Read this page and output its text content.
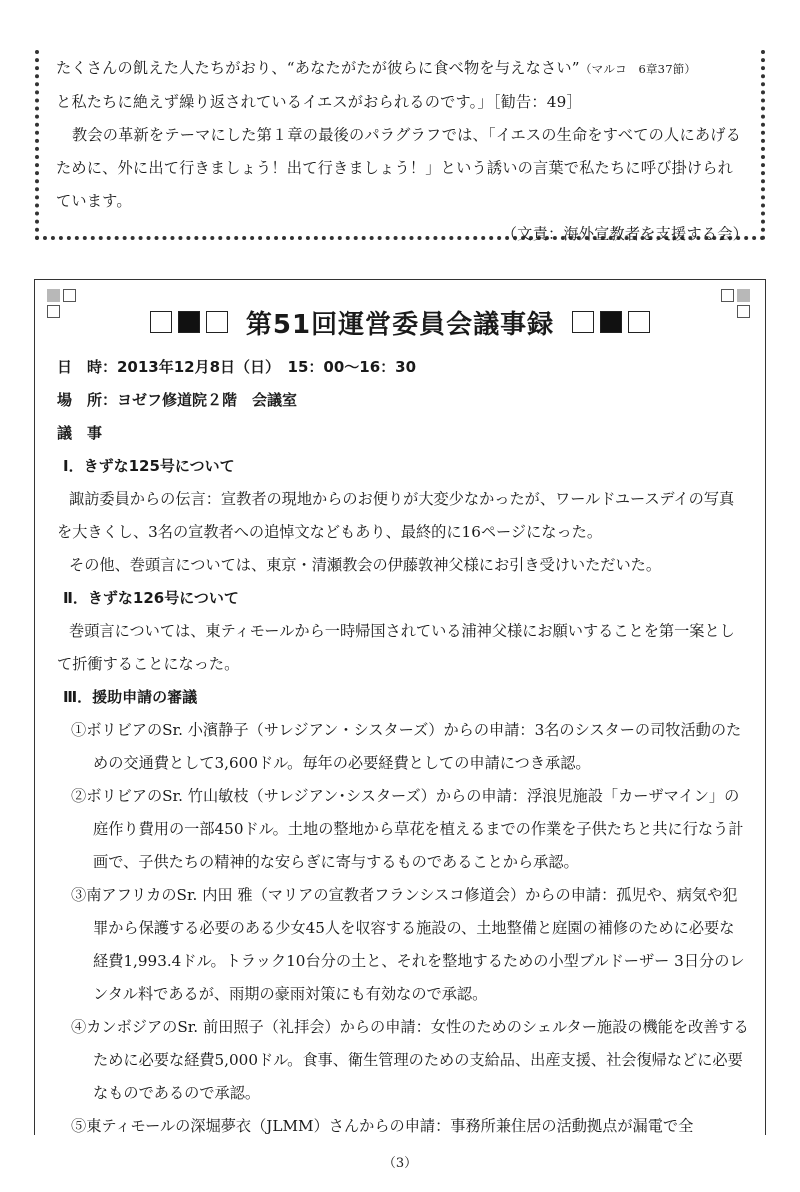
たくさんの飢えた人たちがおり、“あなたがたが彼らに食べ物を与えなさい” （マルコ　6章37節）

と私たちに絶えず繰り返されているイエスがおられるのです。」［勧告：49］

教会の革新をテーマにした第１章の最後のパラグラフでは、「イエスの生命をすべての人にあげるために、外に出て行きましょう！出て行きましょう！」という誘いの言葉で私たちに呼び掛けられています。

（文責：海外宣教者を支援する会）

第51回運営委員会議事録

日　時：2013年12月8日（日）　15：00～16：30

場　所：ヨゼフ修道院２階　会議室

議　事

Ⅰ．きずな125号について

諏訪委員からの伝言：宣教者の現地からのお便りが大変少なかったが、ワールドユースデイの写真を大きくし、3名の宣教者への追悼文などもあり、最終的に16ページになった。

その他、巻頭言については、東京・清瀬教会の伊藤敦神父様にお引き受けいただいた。

Ⅱ．きずな126号について

巻頭言については、東ティモールから一時帰国されている浦神父様にお願いすることを第一案として折衝することになった。

Ⅲ．援助申請の審議

①ボリビアのSr. 小濱静子（サレジアン・シスターズ）からの申請：3名のシスターの司牧活動のための交通費として3,600ドル。毎年の必要経費としての申請につき承認。

②ボリビアのSr. 竹山敏枝（サレジアン･シスターズ）からの申請：浮浪児施設「カーザマイン」の庭作り費用の一部450ドル。土地の整地から草花を植えるまでの作業を子供たちと共に行なう計画で、子供たちの精神的な安らぎに寄与するものであることから承認。

③南アフリカのSr. 内田 雅（マリアの宣教者フランシスコ修道会）からの申請：孤児や、病気や犯罪から保護する必要のある少女45人を収容する施設の、土地整備と庭園の補修のために必要な経費1,993.4ドル。トラック10台分の土と、それを整地するための小型ブルドーザー 3日分のレンタル料であるが、雨期の豪雨対策にも有効なので承認。

④カンボジアのSr. 前田照子（礼拝会）からの申請：女性のためのシェルター施設の機能を改善するために必要な経費5,000ドル。食事、衛生管理のための支給品、出産支援、社会復帰などに必要なものであるので承認。

⑤東ティモールの深堀夢衣（JLMM）さんからの申請：事務所兼住居の活動拠点が漏電で全

（3）
